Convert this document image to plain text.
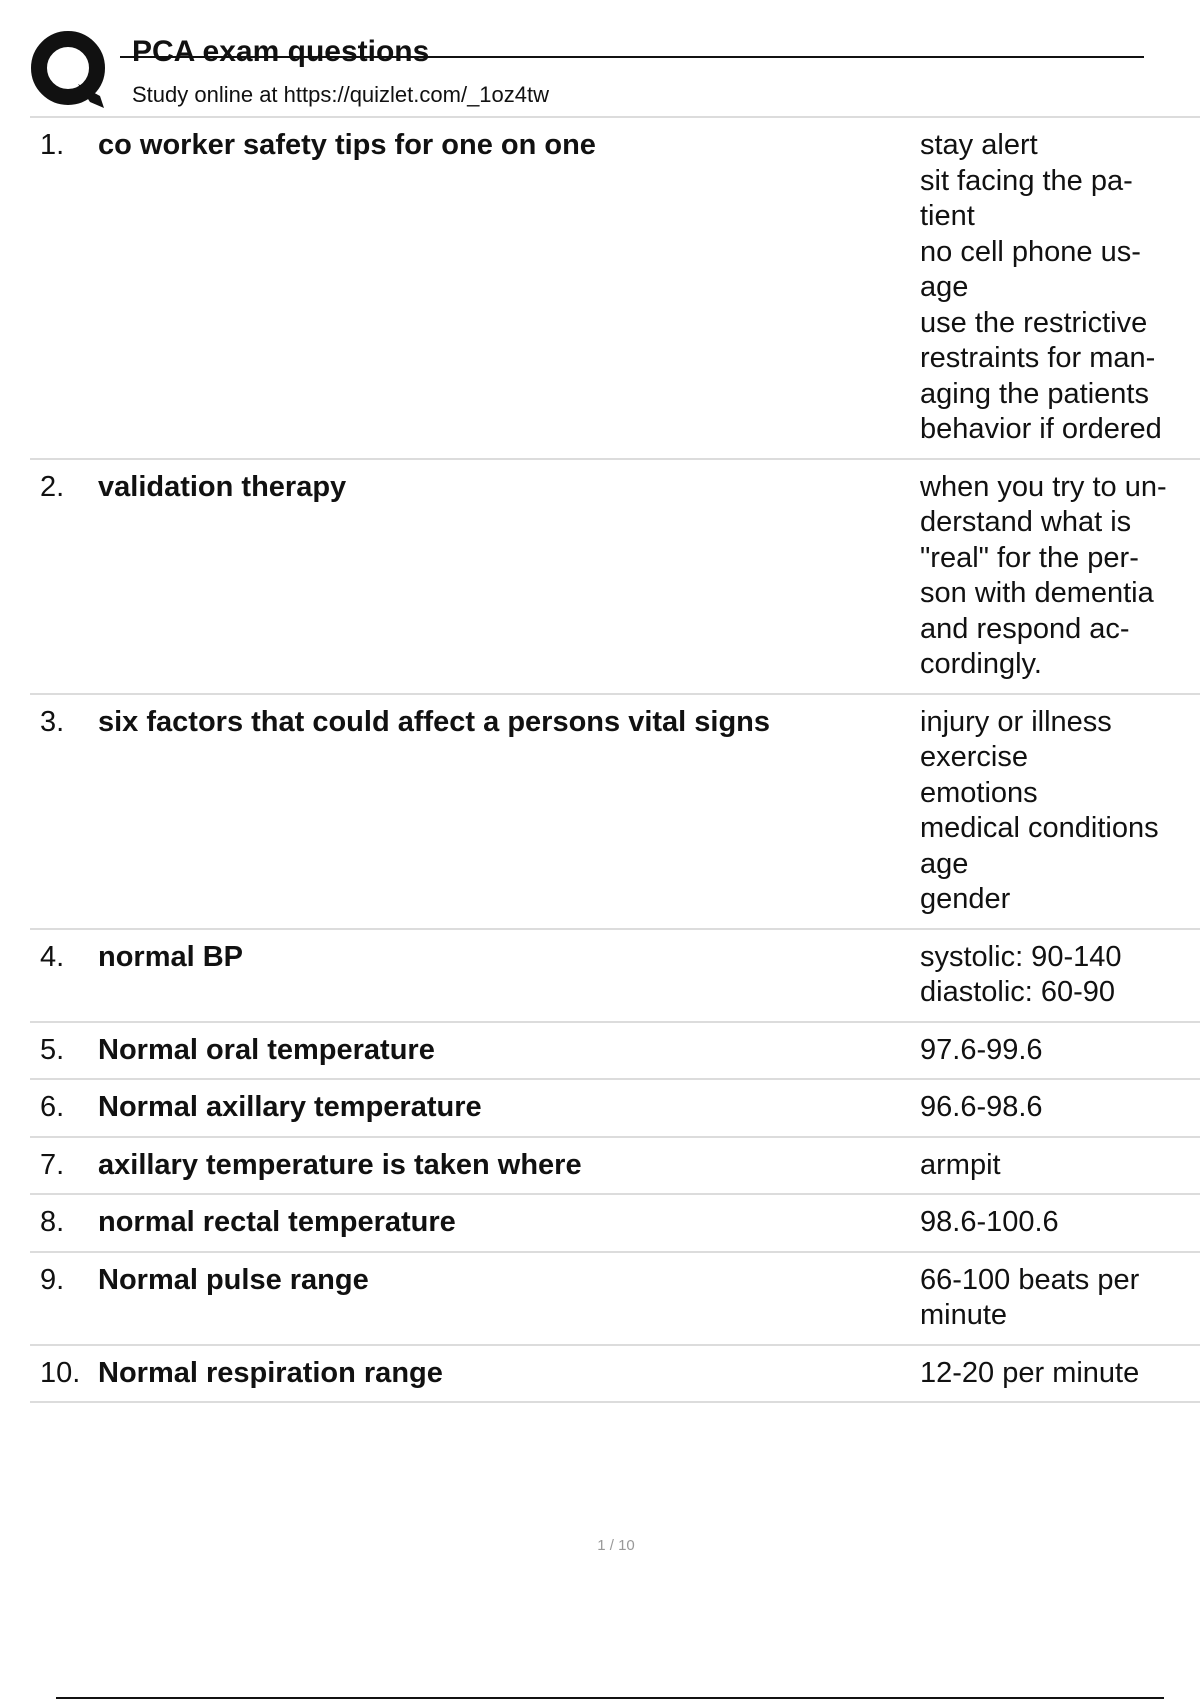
PCA exam questions
Study online at https://quizlet.com/_1oz4tw
1.	co worker safety tips for one on one	stay alert
sit facing the pa-
tient
no cell phone us-
age
use the restrictive
restraints for man-
aging the patients
behavior if ordered
2.	validation therapy	when you try to un-
derstand what is
"real" for the per-
son with dementia
and respond ac-
cordingly.
3.	six factors that could affect a persons vital signs	injury or illness
exercise
emotions
medical conditions
age
gender
4.	normal BP	systolic: 90-140
diastolic: 60-90
5.	Normal oral temperature	97.6-99.6
6.	Normal axillary temperature	96.6-98.6
7.	axillary temperature is taken where	armpit
8.	normal rectal temperature	98.6-100.6
9.	Normal pulse range	66-100 beats per
minute
10. Normal respiration range	12-20 per minute
1 / 10
